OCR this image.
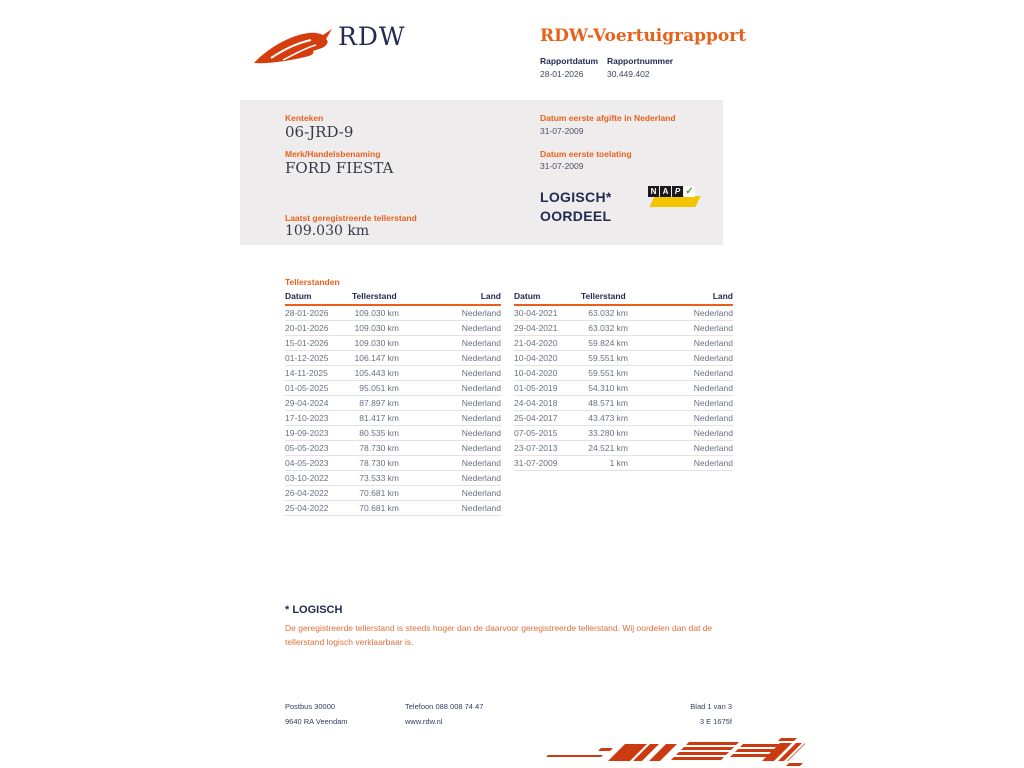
RDW	RDW-Voertuigrapport
Rapportdatum Rapportnummer
28-01-2026	30.449.402
Kenteken
06-JRD-9
Merk/Handelsbenaming
FORD FIESTA
Laatst geregistreerde tellerstand
109.030 km
Datum eerste afgifte in Nederland
31-07-2009
Datum eerste toelating
31-07-2009
LOGISCH*
OORDEEL
N A P ✓
Tellerstanden
Datum	Tellerstand	Land
28-01-2026	109.030 km	Nederland
20-01-2026	109.030 km	Nederland
15-01-2026	109.030 km	Nederland
01-12-2025	106.147 km	Nederland
14-11-2025	105.443 km	Nederland
01-05-2025	95.051 km	Nederland
29-04-2024	87.897 km	Nederland
17-10-2023	81.417 km	Nederland
19-09-2023	80.535 km	Nederland
05-05-2023	78.730 km	Nederland
04-05-2023	78.730 km	Nederland
03-10-2022	73.533 km	Nederland
26-04-2022	70.681 km	Nederland
25-04-2022	70.681 km	Nederland
Datum	Tellerstand	Land
30-04-2021	63.032 km	Nederland
29-04-2021	63.032 km	Nederland
21-04-2020	59.824 km	Nederland
10-04-2020	59.551 km	Nederland
10-04-2020	59.551 km	Nederland
01-05-2019	54.310 km	Nederland
24-04-2018	48.571 km	Nederland
25-04-2017	43.473 km	Nederland
07-05-2015	33.280 km	Nederland
23-07-2013	24.521 km	Nederland
31-07-2009	1 km	Nederland
* LOGISCH
De geregistreerde tellerstand is steeds hoger dan de daarvoor geregistreerde tellerstand. Wij oordelen dan dat de tellerstand logisch verklaarbaar is.
Postbus 30000
9640 RA Veendam
Telefoon 088 008 74 47
www.rdw.nl
Blad 1 van 3
3 E 1675f
